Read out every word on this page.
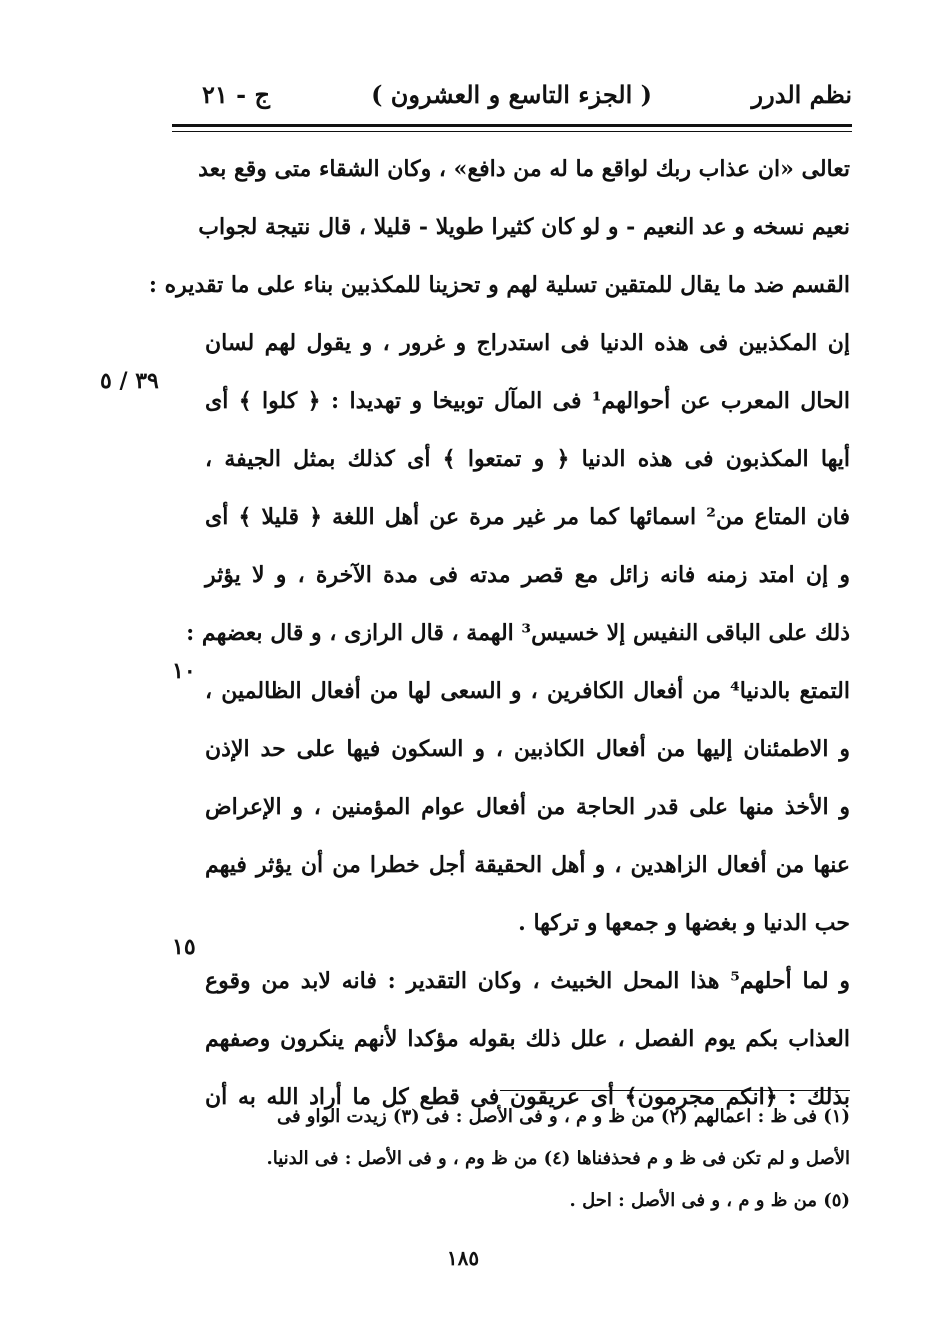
نظم الدرر
( الجزء التاسع و العشرون )
ج - ٢١
تعالى «ان عذاب ربك لواقع ما له من دافع» ، وكان الشقاء متى وقع بعد
نعيم نسخه و عد النعيم - و لو كان كثيرا طويلا - قليلا ، قال نتيجة لجواب
القسم ضد ما يقال للمتقين تسلية لهم و تحزينا للمكذبين بناء على ما تقديره :
إن المكذبين فى هذه الدنيا فى استدراج و غرور ، و يقول لهم لسان
الحال المعرب عن أحوالهم¹ فى المآل توبيخا و تهديدا : ﴿ كلوا ﴾ أى
أيها المكذبون فى هذه الدنيا ﴿ و تمتعوا ﴾ أى كذلك بمثل الجيفة ،
فان المتاع من² اسمائها كما مر غير مرة عن أهل اللغة ﴿ قليلا ﴾ أى
و إن امتد زمنه فانه زائل مع قصر مدته فى مدة الآخرة ، و لا يؤثر
ذلك على الباقى النفيس إلا خسيس³ الهمة ، قال الرازى ، و قال بعضهم :
التمتع بالدنيا⁴ من أفعال الكافرين ، و السعى لها من أفعال الظالمين ،
و الاطمئنان إليها من أفعال الكاذبين ، و السكون فيها على حد الإذن
و الأخذ منها على قدر الحاجة من أفعال عوام المؤمنين ، و الإعراض
عنها من أفعال الزاهدين ، و أهل الحقيقة أجل خطرا من أن يؤثر فيهم
حب الدنيا و بغضها و جمعها و تركها .
و لما أحلهم⁵ هذا المحل الخبيث ، وكان التقدير : فانه لابد من وقوع
العذاب بكم يوم الفصل ، علل ذلك بقوله مؤكدا لأنهم ينكرون وصفهم
بذلك : ﴿انكم مجرمون﴾ أى عريقون فى قطع كل ما أراد الله به أن
٣٩ / ٥
١٠
١٥
(١) فى ظ : اعمالهم (٢) من ظ و م ، و فى الأصل : فى (٣) زيدت الواو فى
الأصل و لم تكن فى ظ و م فحذفناها (٤) من ظ وم ، و فى الأصل : فى الدنيا.
(٥) من ظ و م ، و فى الأصل : احل .
١٨٥
